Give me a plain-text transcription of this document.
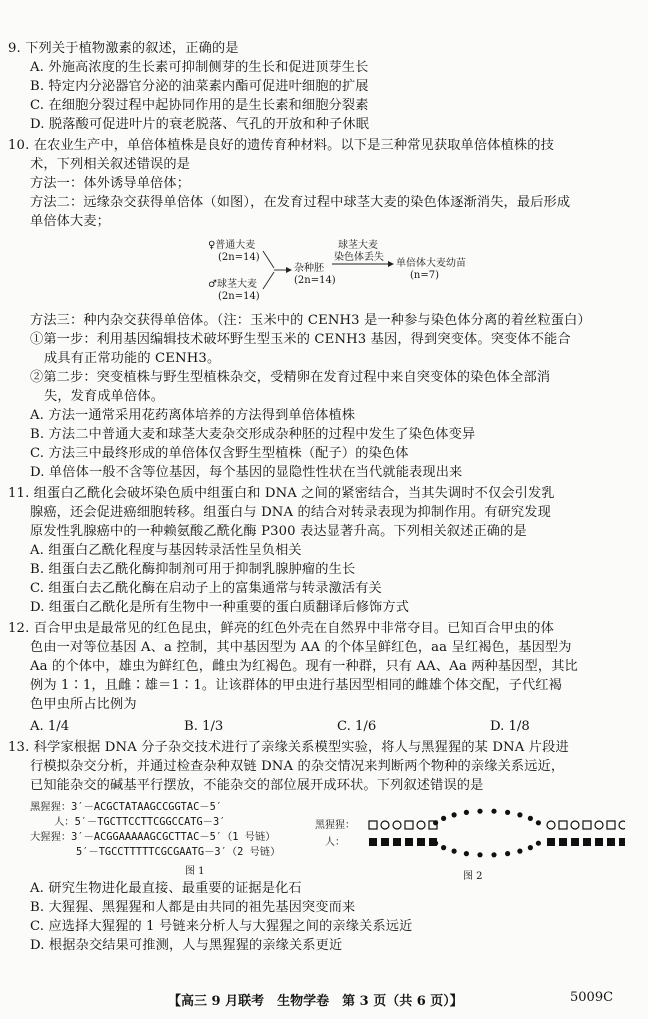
9. 下列关于植物激素的叙述，正确的是
A. 外施高浓度的生长素可抑制侧芽的生长和促进顶芽生长
B. 特定内分泌器官分泌的油菜素内酯可促进叶细胞的扩展
C. 在细胞分裂过程中起协同作用的是生长素和细胞分裂素
D. 脱落酸可促进叶片的衰老脱落、气孔的开放和种子休眠
10. 在农业生产中，单倍体植株是良好的遗传育种材料。以下是三种常见获取单倍体植株的技
术，下列相关叙述错误的是
方法一：体外诱导单倍体；
方法二：远缘杂交获得单倍体（如图），在发育过程中球茎大麦的染色体逐渐消失，最后形成
单倍体大麦；
♀普通大麦
(2n=14)
♂球茎大麦
(2n=14)
杂种胚
(2n=14)
球茎大麦
染色体丢失
单倍体大麦幼苗
(n=7)
方法三：种内杂交获得单倍体。（注：玉米中的 CENH3 是一种参与染色体分离的着丝粒蛋白）
①第一步：利用基因编辑技术破坏野生型玉米的 CENH3 基因，得到突变体。突变体不能合
成具有正常功能的 CENH3。
②第二步：突变植株与野生型植株杂交，受精卵在发育过程中来自突变体的染色体全部消
失，发育成单倍体。
A. 方法一通常采用花药离体培养的方法得到单倍体植株
B. 方法二中普通大麦和球茎大麦杂交形成杂种胚的过程中发生了染色体变异
C. 方法三中最终形成的单倍体仅含野生型植株（配子）的染色体
D. 单倍体一般不含等位基因，每个基因的显隐性性状在当代就能表现出来
11. 组蛋白乙酰化会破坏染色质中组蛋白和 DNA 之间的紧密结合，当其失调时不仅会引发乳
腺癌，还会促进癌细胞转移。组蛋白与 DNA 的结合对转录表现为抑制作用。有研究发现
原发性乳腺癌中的一种赖氨酸乙酰化酶 P300 表达显著升高。下列相关叙述正确的是
A. 组蛋白乙酰化程度与基因转录活性呈负相关
B. 组蛋白去乙酰化酶抑制剂可用于抑制乳腺肿瘤的生长
C. 组蛋白去乙酰化酶在启动子上的富集通常与转录激活有关
D. 组蛋白乙酰化是所有生物中一种重要的蛋白质翻译后修饰方式
12. 百合甲虫是最常见的红色昆虫，鲜亮的红色外壳在自然界中非常夺目。已知百合甲虫的体
色由一对等位基因 A、a 控制，其中基因型为 AA 的个体呈鲜红色，aa 呈红褐色，基因型为
Aa 的个体中，雄虫为鲜红色，雌虫为红褐色。现有一种群，只有 AA、Aa 两种基因型，其比
例为 1∶1，且雌∶雄＝1∶1。让该群体的甲虫进行基因型相同的雌雄个体交配，子代红褐
色甲虫所占比例为
A. 1/4	B. 1/3	C. 1/6	D. 1/8
13. 科学家根据 DNA 分子杂交技术进行了亲缘关系模型实验，将人与黑猩猩的某 DNA 片段进
行模拟杂交分析，并通过检查杂种双链 DNA 的杂交情况来判断两个物种的亲缘关系远近，
已知能杂交的碱基平行摆放，不能杂交的部位展开成环状。下列叙述错误的是
黑猩猩：3′－ACGCTATAAGCCGGTAC－5′
人：5′－TGCTTCCTTCGGCCATG－3′
大猩猩：3′－ACGGAAAAAGCGCTTAC－5′（1 号链）
5′－TGCCTTTTTCGCGAATG－3′（2 号链）
图 1
黑猩猩：
人：
图 2
A. 研究生物进化最直接、最重要的证据是化石
B. 大猩猩、黑猩猩和人都是由共同的祖先基因突变而来
C. 应选择大猩猩的 1 号链来分析人与大猩猩之间的亲缘关系远近
D. 根据杂交结果可推测，人与黑猩猩的亲缘关系更近
【高三 9 月联考　生物学卷　第 3 页（共 6 页）】	5009C
